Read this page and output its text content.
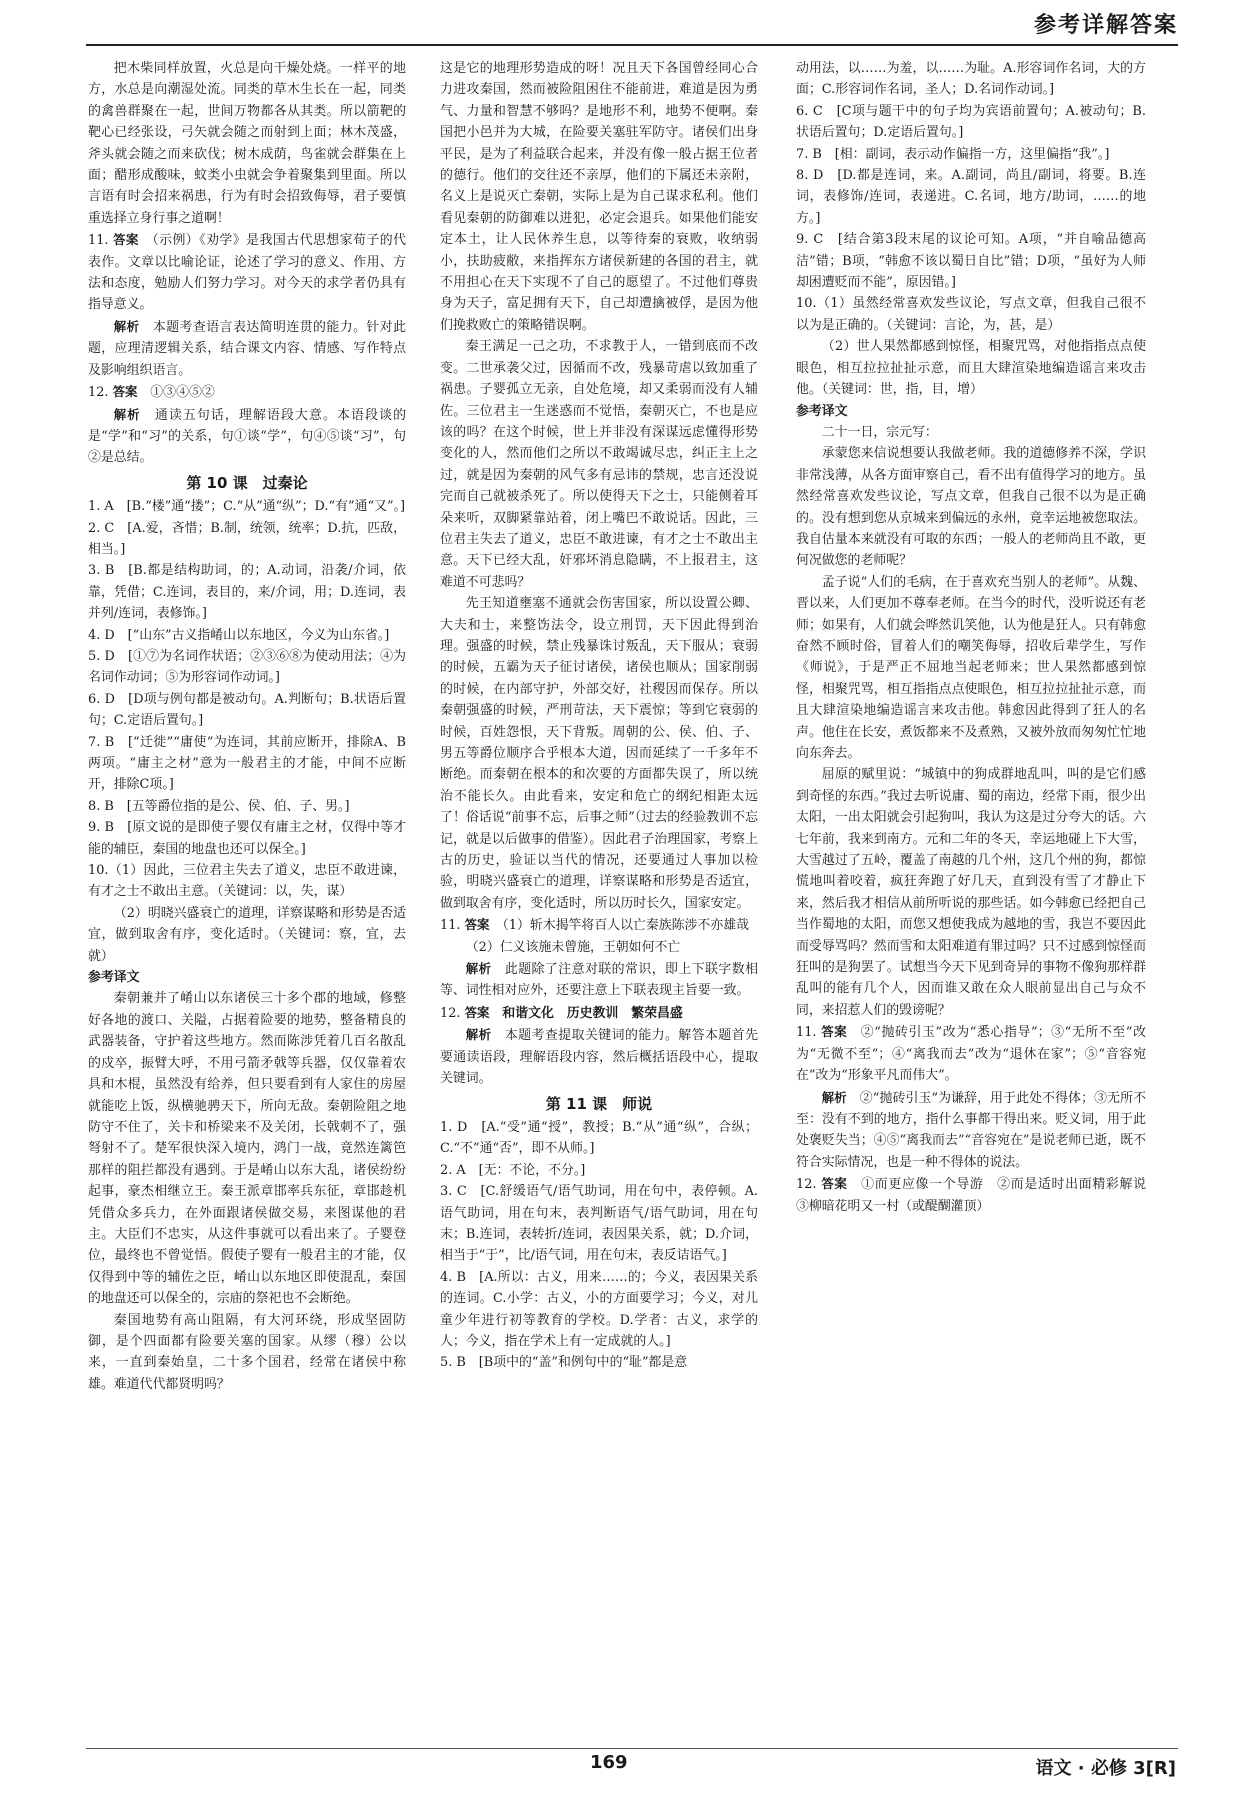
参考详解答案

把木柴同样放置，火总是向干燥处烧。一样平的地方，水总是向潮湿处流。同类的草木生长在一起，同类的禽兽群聚在一起，世间万物都各从其类。所以箭靶的靶心已经张设，弓矢就会随之而射到上面；林木茂盛，斧头就会随之而来砍伐；树木成荫，鸟雀就会群集在上面；醋形成酸味，蚊类小虫就会争着聚集到里面。所以言语有时会招来祸患，行为有时会招致侮辱，君子要慎重选择立身行事之道啊！

11. 答案　 （示例）《劝学》是我国古代思想家荀子的代表作。文章以比喻论证，论述了学习的意义、作用、方法和态度，勉励人们努力学习。对今天的求学者仍具有指导意义。

解析　 本题考查语言表达简明连贯的能力。针对此题，应理清逻辑关系，结合课文内容、情感、写作特点及影响组织语言。

12. 答案　 ①③④⑤②

解析　 通读五句话，理解语段大意。本语段谈的是“学”和“习”的关系，句①谈“学”，句④⑤谈“习”，句②是总结。

第 10 课　过秦论

1. A　[B.“楼”通“搂”；C.“从”通“纵”；D.“有”通“又”。]

2. C　[A.爱，吝惜；B.制，统领，统率；D.抗，匹敌，相当。]

3. B　[B.都是结构助词，的；A.动词，沿袭/介词，依靠，凭借；C.连词，表目的，来/介词，用；D.连词，表并列/连词，表修饰。]

4. D　[“山东”古义指崤山以东地区，今义为山东省。]

5. D　[①⑦为名词作状语；②③⑥⑧为使动用法；④为名词作动词；⑤为形容词作动词。]

6. D　[D项与例句都是被动句。A.判断句；B.状语后置句；C.定语后置句。]

7. B　[“迁徙”“庸使”为连词，其前应断开，排除A、B两项。“庸主之材”意为一般君主的才能，中间不应断开，排除C项。]

8. B　[五等爵位指的是公、侯、伯、子、男。]

9. B　[原文说的是即使子婴仅有庸主之材，仅得中等才能的辅臣，秦国的地盘也还可以保全。]

10.（1）因此，三位君主失去了道义，忠臣不敢进谏，有才之士不敢出主意。（关键词：以，失，谋）

（2）明晓兴盛衰亡的道理，详察谋略和形势是否适宜，做到取舍有序，变化适时。（关键词：察，宜，去就）

参考译文

秦朝兼并了崤山以东诸侯三十多个郡的地域，修整好各地的渡口、关隘，占据着险要的地势，整备精良的武器装备，守护着这些地方。然而陈涉凭着几百名散乱的戍卒，振臂大呼，不用弓箭矛戟等兵器，仅仅靠着农具和木棍，虽然没有给养，但只要看到有人家住的房屋就能吃上饭，纵横驰骋天下，所向无敌。秦朝险阻之地防守不住了，关卡和桥梁来不及关闭，长戟刺不了，强弩射不了。楚军很快深入境内，鸿门一战，竟然连篱笆那样的阻拦都没有遇到。于是崤山以东大乱，诸侯纷纷起事，豪杰相继立王。秦王派章邯率兵东征，章邯趁机凭借众多兵力，在外面跟诸侯做交易，来图谋他的君主。大臣们不忠实，从这件事就可以看出来了。子婴登位，最终也不曾觉悟。假使子婴有一般君主的才能，仅仅得到中等的辅佐之臣，崤山以东地区即使混乱，秦国的地盘还可以保全的，宗庙的祭祀也不会断绝。

秦国地势有高山阻隔，有大河环绕，形成坚固防御，是个四面都有险要关塞的国家。从缪（穆）公以来，一直到秦始皇，二十多个国君，经常在诸侯中称雄。难道代代都贤明吗？

这是它的地理形势造成的呀！况且天下各国曾经同心合力进攻秦国，然而被险阻困住不能前进，难道是因为勇气、力量和智慧不够吗？是地形不利，地势不便啊。秦国把小邑并为大城，在险要关塞驻军防守。诸侯们出身平民，是为了利益联合起来，并没有像一般占据王位者的德行。他们的交往还不亲厚，他们的下属还未亲附，名义上是说灭亡秦朝，实际上是为自己谋求私利。他们看见秦朝的防御难以进犯，必定会退兵。如果他们能安定本土，让人民休养生息，以等待秦的衰败，收纳弱小，扶助疲敝，来指挥东方诸侯新建的各国的君主，就不用担心在天下实现不了自己的愿望了。不过他们尊贵身为天子，富足拥有天下，自己却遭擒被俘，是因为他们挽救败亡的策略错误啊。

秦王满足一己之功，不求教于人，一错到底而不改变。二世承袭父过，因循而不改，残暴苛虐以致加重了祸患。子婴孤立无亲，自处危境，却又柔弱而没有人辅佐。三位君主一生迷惑而不觉悟，秦朝灭亡，不也是应该的吗？在这个时候，世上并非没有深谋远虑懂得形势变化的人，然而他们之所以不敢竭诚尽忠，纠正主上之过，就是因为秦朝的风气多有忌讳的禁规，忠言还没说完而自己就被杀死了。所以使得天下之士，只能侧着耳朵来听，双脚紧靠站着，闭上嘴巴不敢说话。因此，三位君主失去了道义，忠臣不敢进谏，有才之士不敢出主意。天下已经大乱，奸邪坏消息隐瞒，不上报君主，这难道不可悲吗？

先王知道壅塞不通就会伤害国家，所以设置公卿、大夫和士，来整饬法令，设立刑罚，天下因此得到治理。强盛的时候，禁止残暴诛讨叛乱，天下服从；衰弱的时候，五霸为天子征讨诸侯，诸侯也顺从；国家削弱的时候，在内部守护，外部交好，社稷因而保存。所以秦朝强盛的时候，严刑苛法，天下震惊；等到它衰弱的时候，百姓怨恨，天下背叛。周朝的公、侯、伯、子、男五等爵位顺序合乎根本大道，因而延续了一千多年不断绝。而秦朝在根本的和次要的方面都失误了，所以统治不能长久。由此看来，安定和危亡的纲纪相距太远了！俗话说“前事不忘，后事之师”（过去的经验教训不忘记，就是以后做事的借鉴）。因此君子治理国家，考察上古的历史，验证以当代的情况，还要通过人事加以检验，明晓兴盛衰亡的道理，详察谋略和形势是否适宜，做到取舍有序，变化适时，所以历时长久，国家安定。

11. 答案　 （1）斩木揭竿将百人以亡秦族陈涉不亦雄哉

（2）仁义该施未曾施，王朝如何不亡

解析　 此题除了注意对联的常识，即上下联字数相等、词性相对应外，还要注意上下联表现主旨要一致。

12. 答案　 和谐文化　历史教训　繁荣昌盛

解析　 本题考查提取关键词的能力。解答本题首先要通读语段，理解语段内容，然后概括语段中心，提取关键词。

第 11 课　师说

1. D　[A.“受”通“授”，教授；B.“从”通“纵”，合纵；C.“不”通“否”，即不从师。]

2. A　[无：不论，不分。]

3. C　[C.舒缓语气/语气助词，用在句中，表停顿。A.语气助词，用在句末，表判断语气/语气助词，用在句末；B.连词，表转折/连词，表因果关系，就；D.介词，相当于“于”，比/语气词，用在句末，表反诘语气。]

4. B　[A.所以：古义，用来……的；今义，表因果关系的连词。C.小学：古义，小的方面要学习；今义，对儿童少年进行初等教育的学校。D.学者：古义，求学的人；今义，指在学术上有一定成就的人。]

5. B　[B项中的“盖”和例句中的“耻”都是意

动用法，以……为羞，以……为耻。A.形容词作名词，大的方面；C.形容词作名词，圣人；D.名词作动词。]

6. C　[C项与题干中的句子均为宾语前置句；A.被动句；B.状语后置句；D.定语后置句。]

7. B　[相：副词，表示动作偏指一方，这里偏指“我”。]

8. D　[D.都是连词，来。A.副词，尚且/副词，将要。B.连词，表修饰/连词，表递进。C.名词，地方/助词，……的地方。]

9. C　[结合第3段末尾的议论可知。A项，“并自喻品德高洁”错；B项，“韩愈不该以蜀日自比”错；D项，“虽好为人师却困遭贬而不能”，原因错。]

10.（1）虽然经常喜欢发些议论，写点文章，但我自己很不以为是正确的。（关键词：言论，为，甚，是）

（2）世人果然都感到惊怪，相聚咒骂，对他指指点点使眼色，相互拉拉扯扯示意，而且大肆渲染地编造谣言来攻击他。（关键词：世，指，目，增）

参考译文

二十一日，宗元写：

承蒙您来信说想要认我做老师。我的道德修养不深，学识非常浅薄，从各方面审察自己，看不出有值得学习的地方。虽然经常喜欢发些议论，写点文章，但我自己很不以为是正确的。没有想到您从京城来到偏远的永州，竟幸运地被您取法。我自估量本来就没有可取的东西；一般人的老师尚且不敢，更何况做您的老师呢？

孟子说“人们的毛病，在于喜欢充当别人的老师”。从魏、晋以来，人们更加不尊奉老师。在当今的时代，没听说还有老师；如果有，人们就会哗然讥笑他，认为他是狂人。只有韩愈奋然不顾时俗，冒着人们的嘲笑侮辱，招收后辈学生，写作《师说》，于是严正不屈地当起老师来；世人果然都感到惊怪，相聚咒骂，相互指指点点使眼色，相互拉拉扯扯示意，而且大肆渲染地编造谣言来攻击他。韩愈因此得到了狂人的名声。他住在长安，煮饭都来不及煮熟，又被外放而匆匆忙忙地向东奔去。

屈原的赋里说：“城镇中的狗成群地乱叫，叫的是它们感到奇怪的东西。”我过去听说庸、蜀的南边，经常下雨，很少出太阳，一出太阳就会引起狗叫，我认为这是过分夸大的话。六七年前，我来到南方。元和二年的冬天，幸运地碰上下大雪，大雪越过了五岭，覆盖了南越的几个州，这几个州的狗，都惊慌地叫着咬着，疯狂奔跑了好几天，直到没有雪了才静止下来，然后我才相信从前所听说的那些话。如今韩愈已经把自己当作蜀地的太阳，而您又想使我成为越地的雪，我岂不要因此而受辱骂吗？然而雪和太阳难道有罪过吗？只不过感到惊怪而狂叫的是狗罢了。试想当今天下见到奇异的事物不像狗那样群乱叫的能有几个人，因而谁又敢在众人眼前显出自己与众不同，来招惹人们的毁谤呢？

11. 答案　 ②“抛砖引玉”改为“悉心指导”；③“无所不至”改为“无微不至”；④“离我而去”改为“退休在家”；⑤“音容宛在”改为“形象平凡而伟大”。

解析　 ②“抛砖引玉”为谦辞，用于此处不得体；③无所不至：没有不到的地方，指什么事都干得出来。贬义词，用于此处褒贬失当；④⑤“离我而去”“音容宛在”是说老师已逝，既不符合实际情况，也是一种不得体的说法。

12. 答案　 ①而更应像一个导游　②而是适时出面精彩解说　③柳暗花明又一村（或醍醐灌顶）

169	语文 · 必修 3[R]
